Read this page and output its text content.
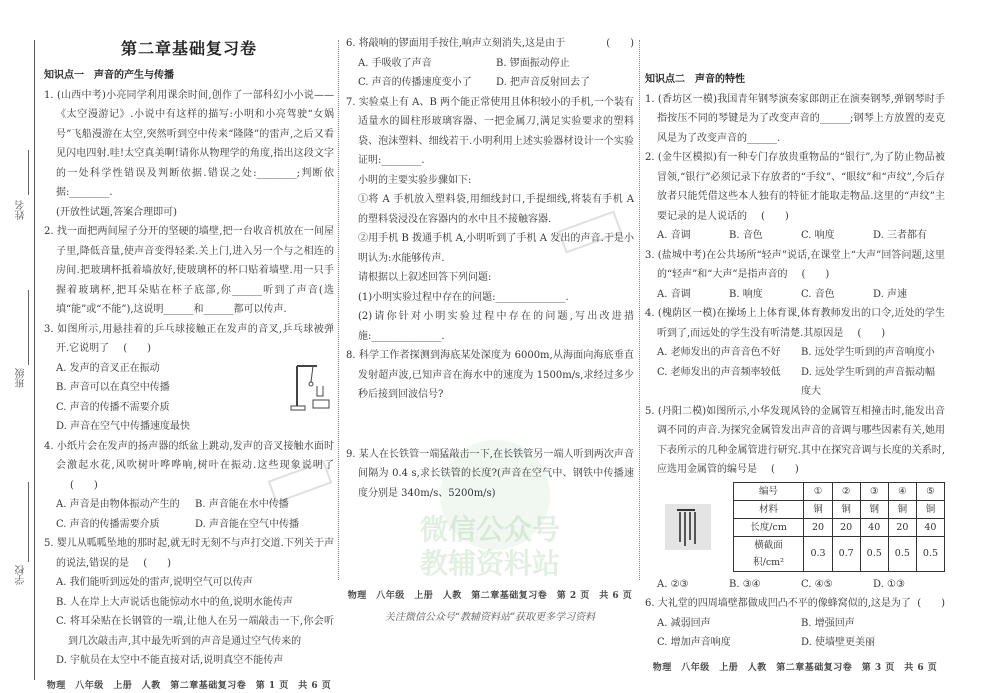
姓名
班级
学校
第二章基础复习卷
知识点一　声音的产生与传播

1. (山西中考)小亮同学利用课余时间,创作了一部科幻小小说——《太空漫游记》.小说中有这样的描写:小明和小亮驾驶“女娲号”飞船漫游在太空,突然听到空中传来“隆隆”的雷声,之后又看见闪电四射.哇!太空真美啊!请你从物理学的角度,指出这段文字的一处科学性错误及判断依据.错误之处:________;判断依据:________.

(开放性试题,答案合理即可)

2. 找一面把两间屋子分开的坚硬的墙壁,把一台收音机放在一间屋子里,降低音量,使声音变得轻柔.关上门,进入另一个与之相连的房间.把玻璃杯抵着墙放好,使玻璃杯的杯口贴着墙壁.用一只手握着玻璃杯,把耳朵贴在杯子底部,你______听到了声音(选填“能”或“不能”),这说明______和______都可以传声.

3. 如图所示,用悬挂着的乒乓球接触正在发声的音叉,乒乓球被弹开.它说明了 (　　)

A. 发声的音叉正在振动

B. 声音可以在真空中传播

C. 声音的传播不需要介质

D. 声音在空气中传播速度最快

4. 小纸片会在发声的扬声器的纸盆上跳动,发声的音叉接触水面时会激起水花,风吹树叶哗哗响,树叶在振动.这些现象说明了(　　)

A. 声音是由物体振动产生的	B. 声音能在水中传播
C. 声音的传播需要介质	D. 声音能在空气中传播

5. 婴儿从呱呱坠地的那时起,就无时无刻不与声打交道.下列关于声的说法,错误的是 (　　)

A. 我们能听到远处的雷声,说明空气可以传声

B. 人在岸上大声说话也能惊动水中的鱼,说明水能传声

C. 将耳朵贴在长钢管的一端,让他人在另一端敲击一下,你会听到几次敲击声,其中最先听到的声音是通过空气传来的

D. 宇航员在太空中不能直接对话,说明真空不能传声

物理　八年级　上册　人教　第二章基础复习卷　第 1 页　共 6 页
6. 将敲响的锣面用手按住,响声立刻消失,这是由于	(　　)
A. 手吸收了声音	B. 锣面振动停止
C. 声音的传播速度变小了	D. 把声音反射回去了

7. 实验桌上有 A、B 两个能正常使用且体积较小的手机,一个装有适量水的圆柱形玻璃容器、一把金属刀,满足实验要求的塑料袋、泡沫塑料、细线若干.小明利用上述实验器材设计一个实验证明:________.

小明的主要实验步骤如下:

①将 A 手机放入塑料袋,用细线封口,手提细线,将装有手机 A 的塑料袋浸没在容器内的水中且不接触容器.

②用手机 B 拨通手机 A,小明听到了手机 A 发出的声音.于是小明认为:水能够传声.

请根据以上叙述回答下列问题:

(1)小明实验过程中存在的问题:______________.

(2)请你针对小明实验过程中存在的问题,写出改进措施:______________.

8. 科学工作者探测到海底某处深度为 6000m,从海面向海底垂直发射超声波,已知声音在海水中的速度为 1500m/s,求经过多少秒后接到回波信号?

9. 某人在长铁管一端猛敲击一下,在长铁管另一端人听到两次声音间隔为 0.4 s,求长铁管的长度?(声音在空气中、钢铁中传播速度分别是 340m/s、5200m/s)

微信公众号
教辅资料站
物理　八年级　上册　人教　第二章基础复习卷　第 2 页　共 6 页
关注微信公众号“教辅资料站”获取更多学习资料
知识点二　声音的特性

1. (香坊区一模)我国青年钢琴演奏家郎朗正在演奏钢琴,弹钢琴时手指按压不同的琴键是为了改变声音的______;钢琴上方放置的麦克风是为了改变声音的______.

2. (金牛区模拟)有一种专门存放贵重物品的“银行”,为了防止物品被冒领,“银行”必须记录下存放者的“手纹”、“眼纹”和“声纹”,今后存放者只能凭借这些本人独有的特征才能取走物品.这里的“声纹”主要记录的是人说话的 (　　)

A. 音调	B. 音色	C. 响度	D. 三者都有

3. (盐城中考)在公共场所“轻声”说话,在课堂上“大声”回答问题,这里的“轻声”和“大声”是指声音的 (　　)

A. 音调	B. 响度	C. 音色	D. 声速

4. (槐荫区一模)在操场上上体育课,体育教师发出的口令,近处的学生听到了,而远处的学生没有听清楚.其原因是 (　　)

A. 老师发出的声音音色不好	B. 远处学生听到的声音响度小
C. 老师发出的声音频率较低	D. 远处学生听到的声音振动幅度大

5. (丹阳二模)如图所示,小华发现风铃的金属管互相撞击时,能发出音调不同的声音.为探究金属管发出声音的音调与哪些因素有关,她用下表所示的几种金属管进行研究.其中在探究音调与长度的关系时,应选用金属管的编号是 (　　)

编号	①	②	③	④	⑤
材料	铜	铜	钢	铜	铜
长度/cm	20	20	40	20	40
横截面积/cm²	0.3	0.7	0.5	0.5	0.5
A. ②③	B. ③④	C. ④⑤	D. ①③
6. 大礼堂的四周墙壁都做成凹凸不平的像蜂窝似的,这是为了 (　　)
A. 减弱回声	B. 增强回声
C. 增加声音响度	D. 使墙壁更美丽
物理　八年级　上册　人教　第二章基础复习卷　第 3 页　共 6 页
